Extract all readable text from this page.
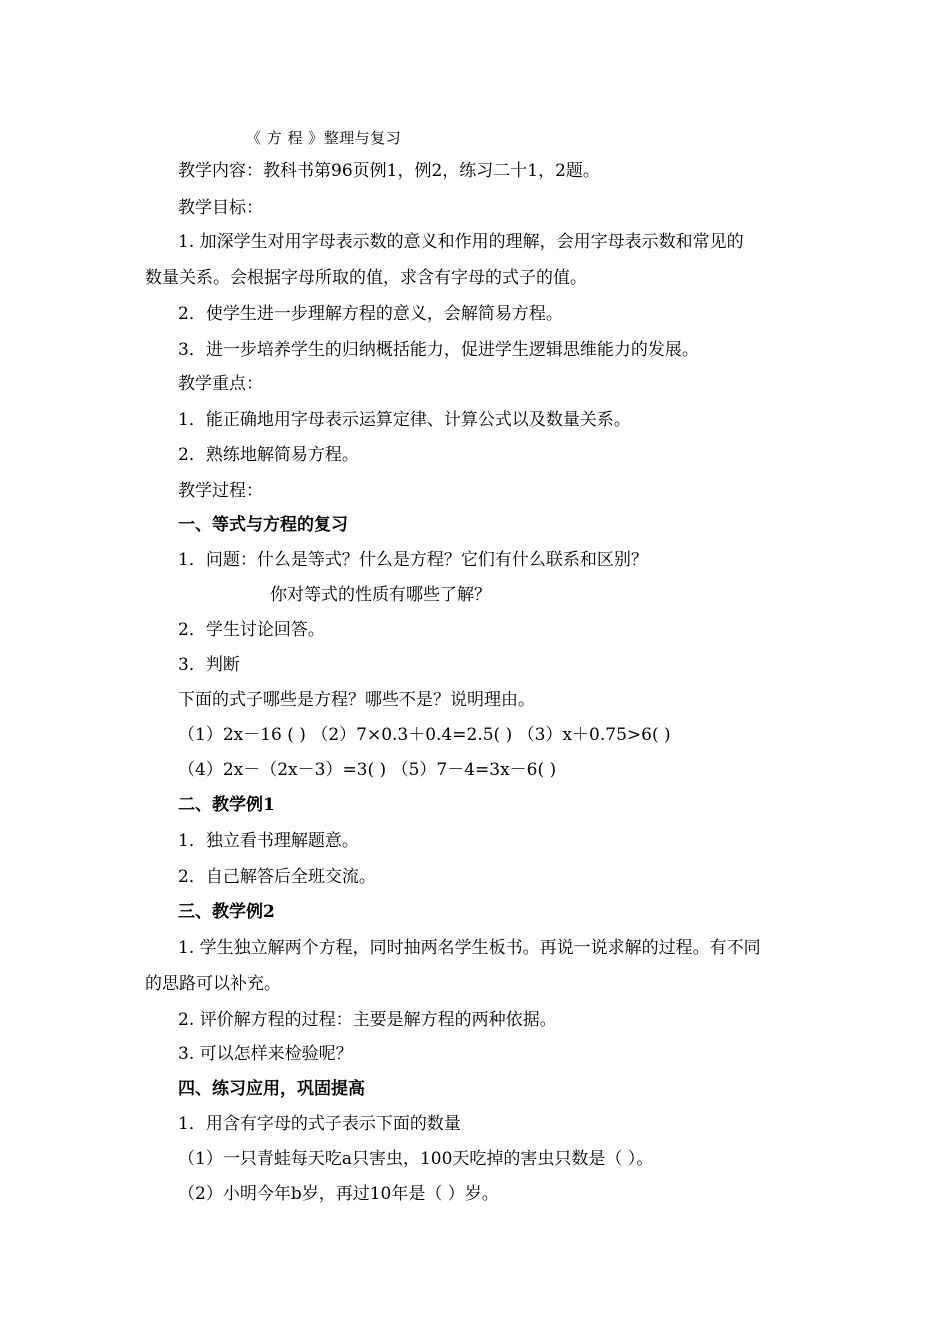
《 方 程 》整理与复习
教学内容：教科书第96页例1，例2，练习二十1，2题。
教学目标：
1. 加深学生对用字母表示数的意义和作用的理解，会用字母表示数和常见的
数量关系。会根据字母所取的值，求含有字母的式子的值。
2．使学生进一步理解方程的意义，会解简易方程。
3．进一步培养学生的归纳概括能力，促进学生逻辑思维能力的发展。
教学重点：
1．能正确地用字母表示运算定律、计算公式以及数量关系。
2．熟练地解简易方程。
教学过程：
一、等式与方程的复习
1．问题：什么是等式？什么是方程？它们有什么联系和区别？
你对等式的性质有哪些了解？
2．学生讨论回答。
3．判断
下面的式子哪些是方程？哪些不是？说明理由。
（1）2x－16 ( ) （2）7×0.3＋0.4=2.5( ) （3）x＋0.75>6( )
（4）2x－（2x－3）=3( ) （5）7－4=3x－6( )
二、教学例1
1．独立看书理解题意。
2．自己解答后全班交流。
三、教学例2
1. 学生独立解两个方程，同时抽两名学生板书。再说一说求解的过程。有不同
的思路可以补充。
2. 评价解方程的过程：主要是解方程的两种依据。
3. 可以怎样来检验呢？
四、练习应用，巩固提高
1．用含有字母的式子表示下面的数量
（1）一只青蛙每天吃a只害虫，100天吃掉的害虫只数是（ ）。
（2）小明今年b岁，再过10年是（ ）岁。
